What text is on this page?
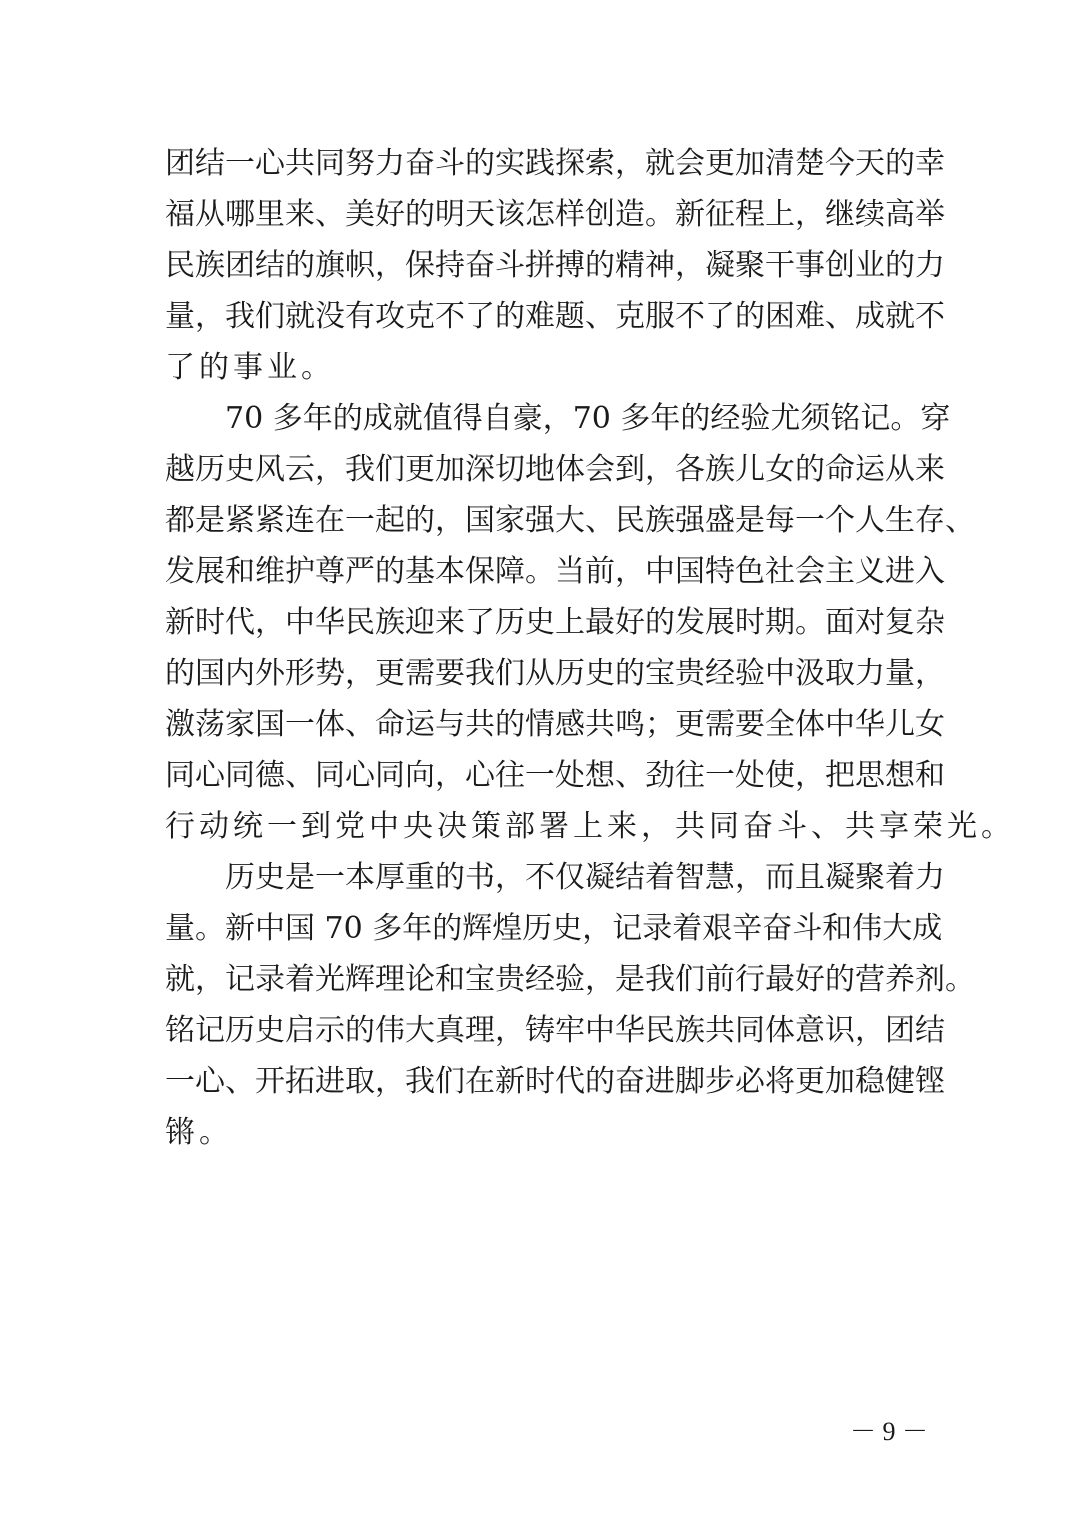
团结一心共同努力奋斗的实践探索，就会更加清楚今天的幸
福从哪里来、美好的明天该怎样创造。新征程上，继续高举
民族团结的旗帜，保持奋斗拼搏的精神，凝聚干事创业的力
量，我们就没有攻克不了的难题、克服不了的困难、成就不
了的事业。
　　70 多年的成就值得自豪，70 多年的经验尤须铭记。穿
越历史风云，我们更加深切地体会到，各族儿女的命运从来
都是紧紧连在一起的，国家强大、民族强盛是每一个人生存、
发展和维护尊严的基本保障。当前，中国特色社会主义进入
新时代，中华民族迎来了历史上最好的发展时期。面对复杂
的国内外形势，更需要我们从历史的宝贵经验中汲取力量，
激荡家国一体、命运与共的情感共鸣；更需要全体中华儿女
同心同德、同心同向，心往一处想、劲往一处使，把思想和
行动统一到党中央决策部署上来，共同奋斗、共享荣光。
　　历史是一本厚重的书，不仅凝结着智慧，而且凝聚着力
量。新中国 70 多年的辉煌历史，记录着艰辛奋斗和伟大成
就，记录着光辉理论和宝贵经验，是我们前行最好的营养剂。
铭记历史启示的伟大真理，铸牢中华民族共同体意识，团结
一心、开拓进取，我们在新时代的奋进脚步必将更加稳健铿
锵。
－ 9 －
